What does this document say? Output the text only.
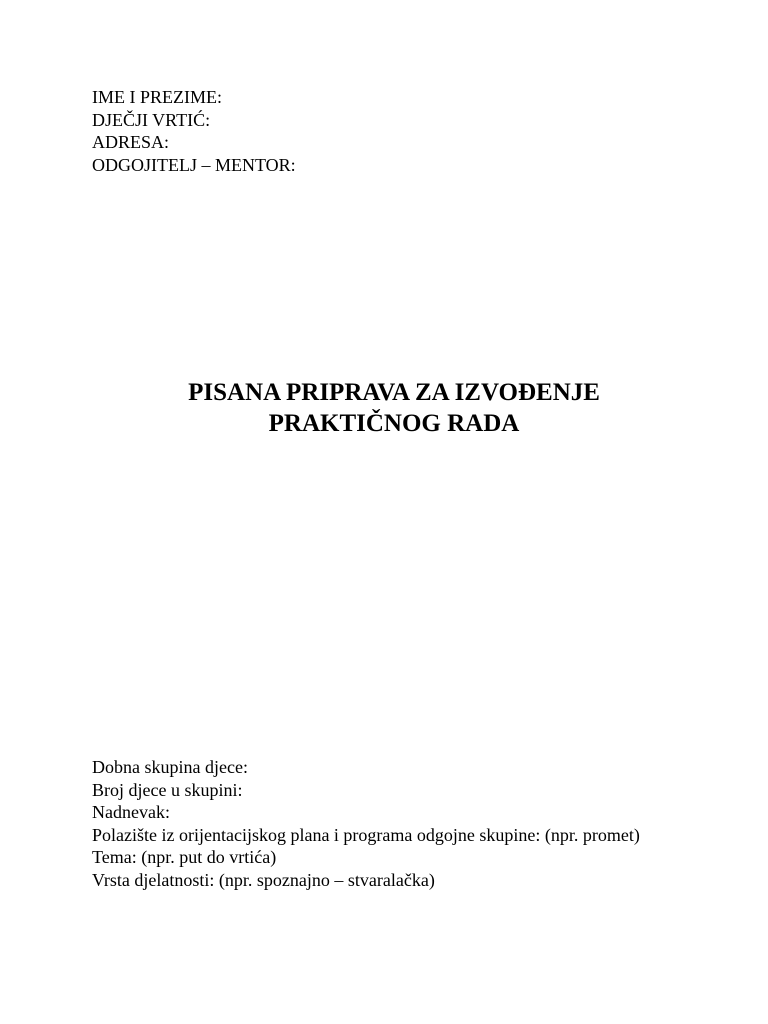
IME I PREZIME:
DJEČJI VRTIĆ:
ADRESA:
ODGOJITELJ – MENTOR:
PISANA PRIPRAVA ZA IZVOĐENJE
PRAKTIČNOG RADA
Dobna skupina djece:
Broj djece u skupini:
Nadnevak:
Polazište iz orijentacijskog plana i programa odgojne skupine: (npr. promet)
Tema: (npr. put do vrtića)
Vrsta djelatnosti: (npr. spoznajno – stvaralačka)
